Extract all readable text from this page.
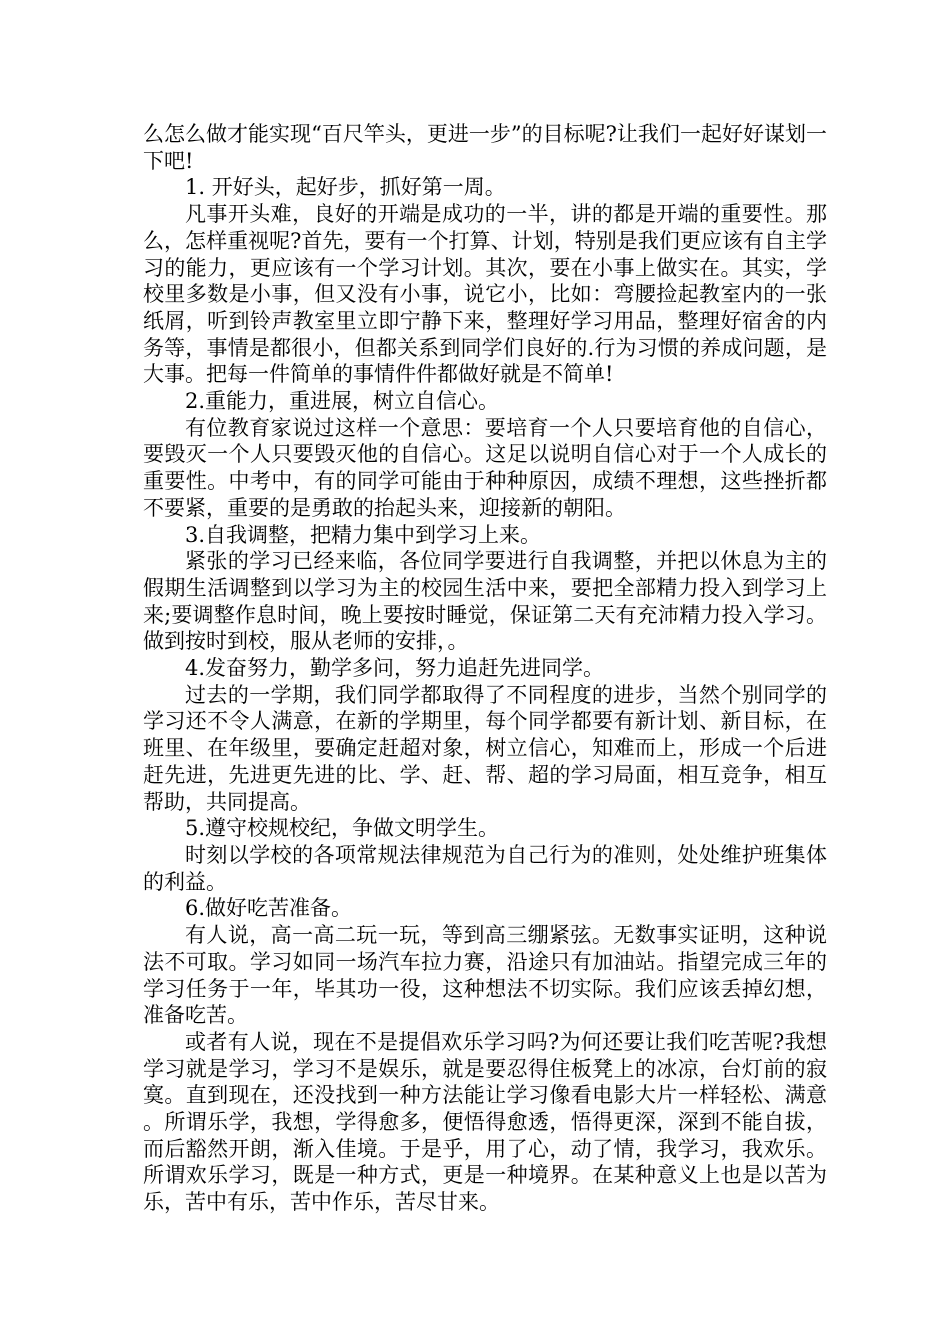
么怎么做才能实现“百尺竿头，更进一步”的目标呢?让我们一起好好谋划一下吧!

1. 开好头，起好步，抓好第一周。

凡事开头难，良好的开端是成功的一半，讲的都是开端的重要性。那么，怎样重视呢?首先，要有一个打算、计划，特别是我们更应该有自主学习的能力，更应该有一个学习计划。其次，要在小事上做实在。其实，学校里多数是小事，但又没有小事，说它小，比如：弯腰捡起教室内的一张纸屑，听到铃声教室里立即宁静下来，整理好学习用品，整理好宿舍的内务等，事情是都很小，但都关系到同学们良好的.行为习惯的养成问题，是大事。把每一件简单的事情件件都做好就是不简单!

2.重能力，重进展，树立自信心。

有位教育家说过这样一个意思：要培育一个人只要培育他的自信心，要毁灭一个人只要毁灭他的自信心。这足以说明自信心对于一个人成长的重要性。中考中，有的同学可能由于种种原因，成绩不理想，这些挫折都不要紧，重要的是勇敢的抬起头来，迎接新的朝阳。

3.自我调整，把精力集中到学习上来。

紧张的学习已经来临，各位同学要进行自我调整，并把以休息为主的假期生活调整到以学习为主的校园生活中来，要把全部精力投入到学习上来;要调整作息时间，晚上要按时睡觉，保证第二天有充沛精力投入学习。做到按时到校，服从老师的安排，。

4.发奋努力，勤学多问，努力追赶先进同学。

过去的一学期，我们同学都取得了不同程度的进步，当然个别同学的学习还不令人满意，在新的学期里，每个同学都要有新计划、新目标，在班里、在年级里，要确定赶超对象，树立信心，知难而上，形成一个后进赶先进，先进更先进的比、学、赶、帮、超的学习局面，相互竞争，相互帮助，共同提高。

5.遵守校规校纪，争做文明学生。

时刻以学校的各项常规法律规范为自己行为的准则，处处维护班集体的利益。

6.做好吃苦准备。

有人说，高一高二玩一玩，等到高三绷紧弦。无数事实证明，这种说法不可取。学习如同一场汽车拉力赛，沿途只有加油站。指望完成三年的学习任务于一年，毕其功一役，这种想法不切实际。我们应该丢掉幻想，准备吃苦。

或者有人说，现在不是提倡欢乐学习吗?为何还要让我们吃苦呢?我想学习就是学习，学习不是娱乐，就是要忍得住板凳上的冰凉，台灯前的寂寞。直到现在，还没找到一种方法能让学习像看电影大片一样轻松、满意。所谓乐学，我想，学得愈多，便悟得愈透，悟得更深，深到不能自拔，而后豁然开朗，渐入佳境。于是乎，用了心，动了情，我学习，我欢乐。所谓欢乐学习，既是一种方式，更是一种境界。在某种意义上也是以苦为乐，苦中有乐，苦中作乐，苦尽甘来。
